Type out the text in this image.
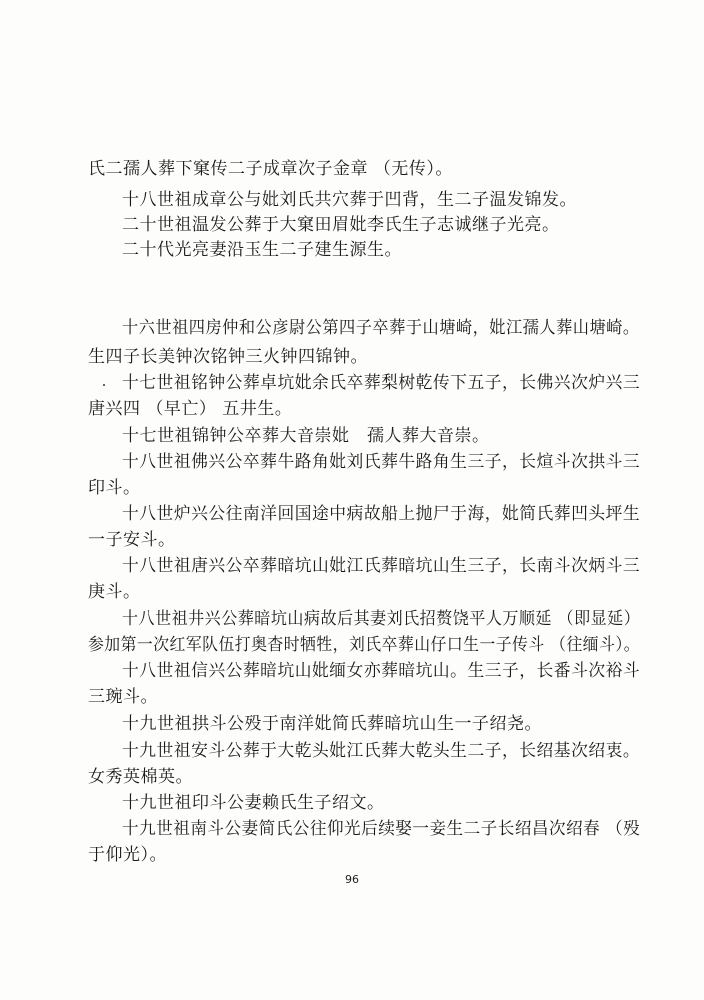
氏二孺人葬下窠传二子成章次子金章 （无传）。
十八世祖成章公与妣刘氏共穴葬于凹背，生二子温发锦发。
二十世祖温发公葬于大窠田眉妣李氏生子志诚继子光亮。
二十代光亮妻沿玉生二子建生源生。
十六世祖四房仲和公彦尉公第四子卒葬于山塘崎，妣江孺人葬山塘崎。
生四子长美钟次铭钟三火钟四锦钟。
十七世祖铭钟公葬卓坑妣余氏卒葬梨树乾传下五子，长佛兴次炉兴三
唐兴四 （早亡） 五井生。
十七世祖锦钟公卒葬大音崇妣　孺人葬大音崇。
十八世祖佛兴公卒葬牛路角妣刘氏葬牛路角生三子，长煊斗次拱斗三
印斗。
十八世炉兴公往南洋回国途中病故船上抛尸于海，妣简氏葬凹头坪生
一子安斗。
十八世祖唐兴公卒葬暗坑山妣江氏葬暗坑山生三子，长南斗次炳斗三
庚斗。
十八世祖井兴公葬暗坑山病故后其妻刘氏招赘饶平人万顺延 （即显延）
参加第一次红军队伍打奥杳时牺牲，刘氏卒葬山仔口生一子传斗 （往缅斗）。
十八世祖信兴公葬暗坑山妣缅女亦葬暗坑山。生三子，长番斗次裕斗
三琬斗。
十九世祖拱斗公殁于南洋妣简氏葬暗坑山生一子绍尧。
十九世祖安斗公葬于大乾头妣江氏葬大乾头生二子，长绍基次绍衷。
女秀英棉英。
十九世祖印斗公妻赖氏生子绍文。
十九世祖南斗公妻简氏公往仰光后续娶一妾生二子长绍昌次绍春 （殁
于仰光）。
96
